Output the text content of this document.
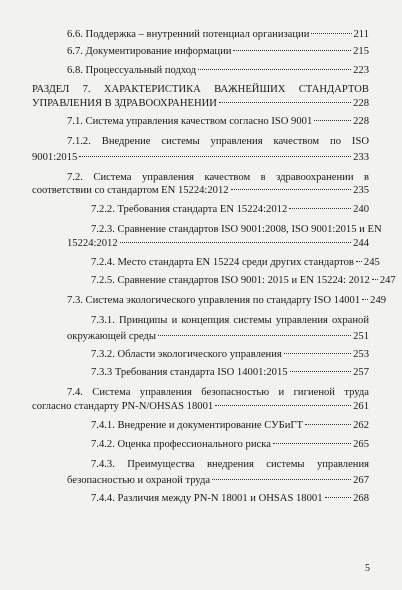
6.6. Поддержка – внутренний потенциал организации	211
6.7. Документирование информации	215
6.8. Процессуальный подход	223
РАЗДЕЛ 7. ХАРАКТЕРИСТИКА ВАЖНЕЙШИХ СТАНДАРТОВ
УПРАВЛЕНИЯ В ЗДРАВООХРАНЕНИИ	228
7.1. Система управления качеством согласно ISO 9001	228
7.1.2. Внедрение системы управления качеством по ISO
9001:2015	233
7.2. Система управления качеством в здравоохранении в
соответствии со стандартом EN 15224:2012	235
7.2.2. Требования стандарта EN 15224:2012	240
7.2.3. Сравнение стандартов ISO 9001:2008, ISO 9001:2015 и EN
15224:2012	244
7.2.4. Место стандарта EN 15224 среди других стандартов 245
7.2.5. Сравнение стандартов ISO 9001: 2015 и EN 15224: 2012 247
7.3. Система экологического управления по стандарту ISO 14001 249
7.3.1. Принципы и концепция системы управления охраной
окружающей среды	251
7.3.2. Области экологического управления	253
7.3.3 Требования стандарта ISO 14001:2015	257
7.4. Система управления безопасностью и гигиеной труда
согласно стандарту PN-N/OHSAS 18001	261
7.4.1. Внедрение и документирование СУБиГТ	262
7.4.2. Оценка профессионального риска	265
7.4.3. Преимущества внедрения системы управления
безопасностью и охраной труда	267
7.4.4. Различия между PN-N 18001 и OHSAS 18001	268
5
